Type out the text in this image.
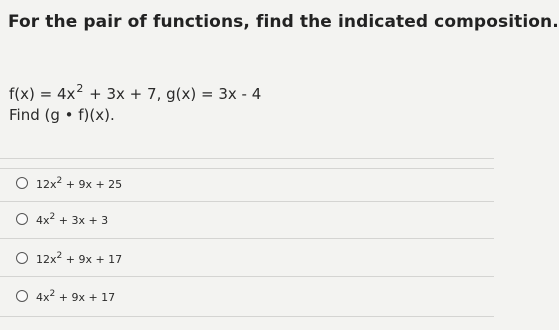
For the pair of functions, find the indicated composition.
$f(x) = 4x^2 + 3x + 7$, g(x) = 3x - 4
Find (g • f)(x).
$12x^2 + 9x + 25$
$4x^2 + 3x + 3$
$12x^2 + 9x + 17$
$4x^2 + 9x + 17$
